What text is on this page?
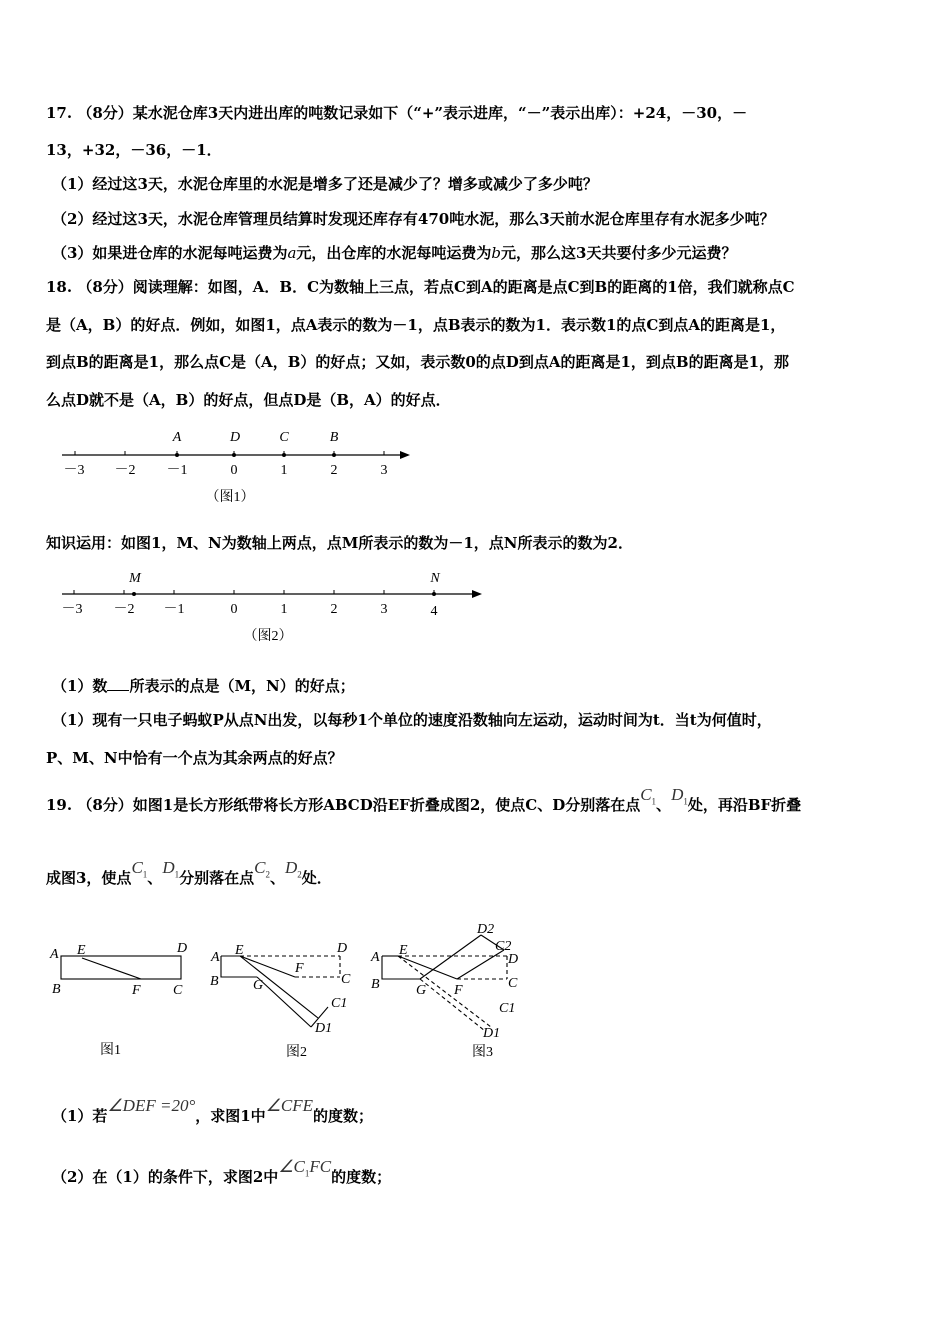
17. （8分）某水泥仓库3天内进出库的吨数记录如下（“+”表示进库，“－”表示出库）：+24，－30，－
13，+32，－36，－1．
（1）经过这3天，水泥仓库里的水泥是增多了还是减少了？增多或减少了多少吨？
（2）经过这3天，水泥仓库管理员结算时发现还库存有470吨水泥，那么3天前水泥仓库里存有水泥多少吨？
（3）如果进仓库的水泥每吨运费为a元，出仓库的水泥每吨运费为b元，那么这3天共要付多少元运费？
18. （8分）阅读理解：如图，A．B．C为数轴上三点，若点C到A的距离是点C到B的距离的1倍，我们就称点C
是（A，B）的好点．例如，如图1，点A表示的数为－1，点B表示的数为1．表示数1的点C到点A的距离是1，
到点B的距离是1，那么点C是（A，B）的好点；又如，表示数0的点D到点A的距离是1，到点B的距离是1，那
么点D就不是（A，B）的好点，但点D是（B，A）的好点．
A	D	C	B
－3 －2 －1	0	1	2	3
（图1）
知识运用：如图1，M、N为数轴上两点，点M所表示的数为－1，点N所表示的数为2．
M	N
－3 －2 －1	0	1	2	3	4
（图2）
（1）数 所表示的点是（M，N）的好点；
（1）现有一只电子蚂蚁P从点N出发，以每秒1个单位的速度沿数轴向左运动，运动时间为t．当t为何值时，
P、M、N中恰有一个点为其余两点的好点？
19. （8分）如图1是长方形纸带将长方形ABCD沿EF折叠成图2，使点C、D分别落在点$C_1$、$D_1$处，再沿BF折叠
成图3，使点$C_1$、$D_1$分别落在点$C_2$、$D_2$处．
A E	D
B	F C
图1
A E	D
B G
F
C
C1
D1
图2
D2
C2
A E
D
B	G F	C
C1
D1
图3
（1）若∠DEF =20°，求图1中∠CFE的度数；
（2）在（1）的条件下，求图2中$\angle C_1FC$的度数；
